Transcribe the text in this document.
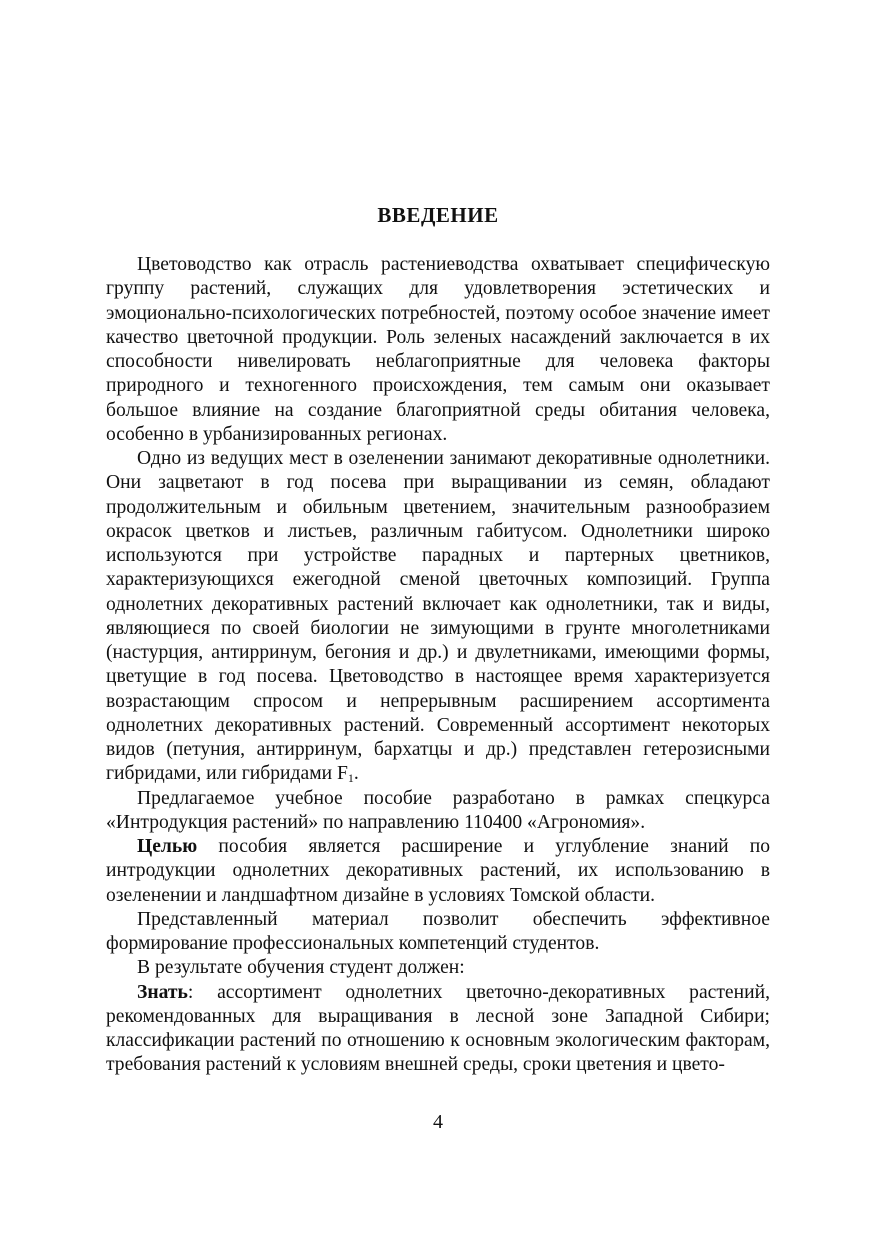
ВВЕДЕНИЕ

Цветоводство как отрасль растениеводства охватывает специфическую группу растений, служащих для удовлетворения эстетических и эмоционально-психологических потребностей, поэтому особое значение имеет качество цветочной продукции. Роль зеленых насаждений заключается в их способности нивелировать неблагоприятные для человека факторы природного и техногенного происхождения, тем самым они оказывает большое влияние на создание благоприятной среды обитания человека, особенно в урбанизированных регионах.

Одно из ведущих мест в озеленении занимают декоративные однолетники. Они зацветают в год посева при выращивании из семян, обладают продолжительным и обильным цветением, значительным разнообразием окрасок цветков и листьев, различным габитусом. Однолетники широко используются при устройстве парадных и партерных цветников, характеризующихся ежегодной сменой цветочных композиций. Группа однолетних декоративных растений включает как однолетники, так и виды, являющиеся по своей биологии не зимующими в грунте многолетниками (настурция, антирринум, бегония и др.) и двулетниками, имеющими формы, цветущие в год посева. Цветоводство в настоящее время характеризуется возрастающим спросом и непрерывным расширением ассортимента однолетних декоративных растений. Современный ассортимент некоторых видов (петуния, антирринум, бархатцы и др.) представлен гетерозисными гибридами, или гибридами $F_1$.

Предлагаемое учебное пособие разработано в рамках спецкурса «Интродукция растений» по направлению 110400 «Агрономия».

Целью пособия является расширение и углубление знаний по интродукции однолетних декоративных растений, их использованию в озеленении и ландшафтном дизайне в условиях Томской области.

Представленный материал позволит обеспечить эффективное формирование профессиональных компетенций студентов.

В результате обучения студент должен:

Знать: ассортимент однолетних цветочно-декоративных растений, рекомендованных для выращивания в лесной зоне Западной Сибири; классификации растений по отношению к основным экологическим факторам, требования растений к условиям внешней среды, сроки цветения и цвето-

4
